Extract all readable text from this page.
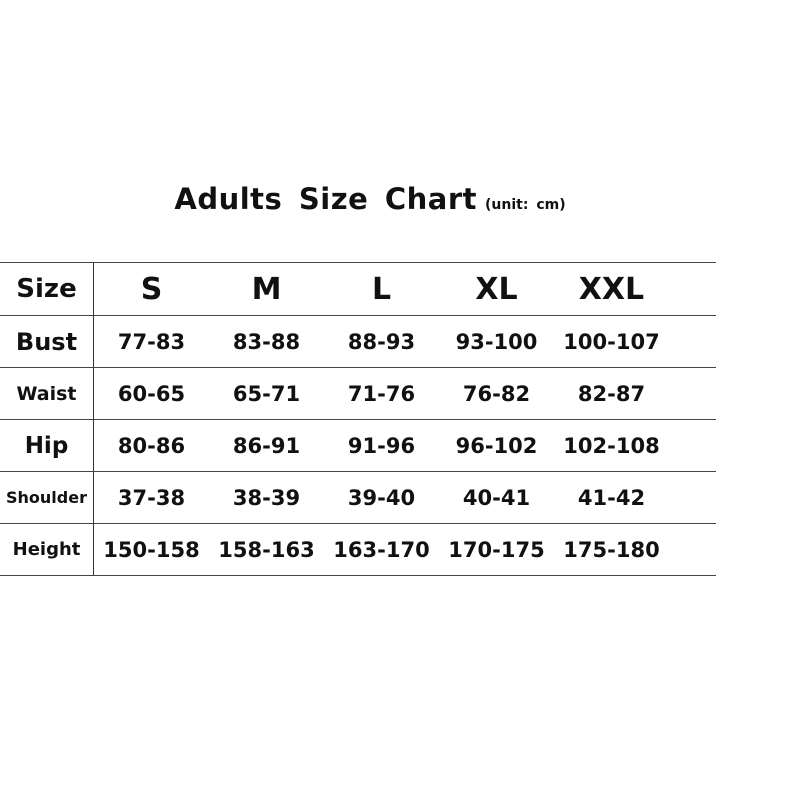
Adults Size Chart (unit: cm)
Size	S	M	L	XL	XXL
Bust	77-83	83-88	88-93	93-100	100-107
Waist	60-65	65-71	71-76	76-82	82-87
Hip	80-86	86-91	91-96	96-102	102-108
Shoulder	37-38	38-39	39-40	40-41	41-42
Height	150-158 158-163 163-170 170-175 175-180
